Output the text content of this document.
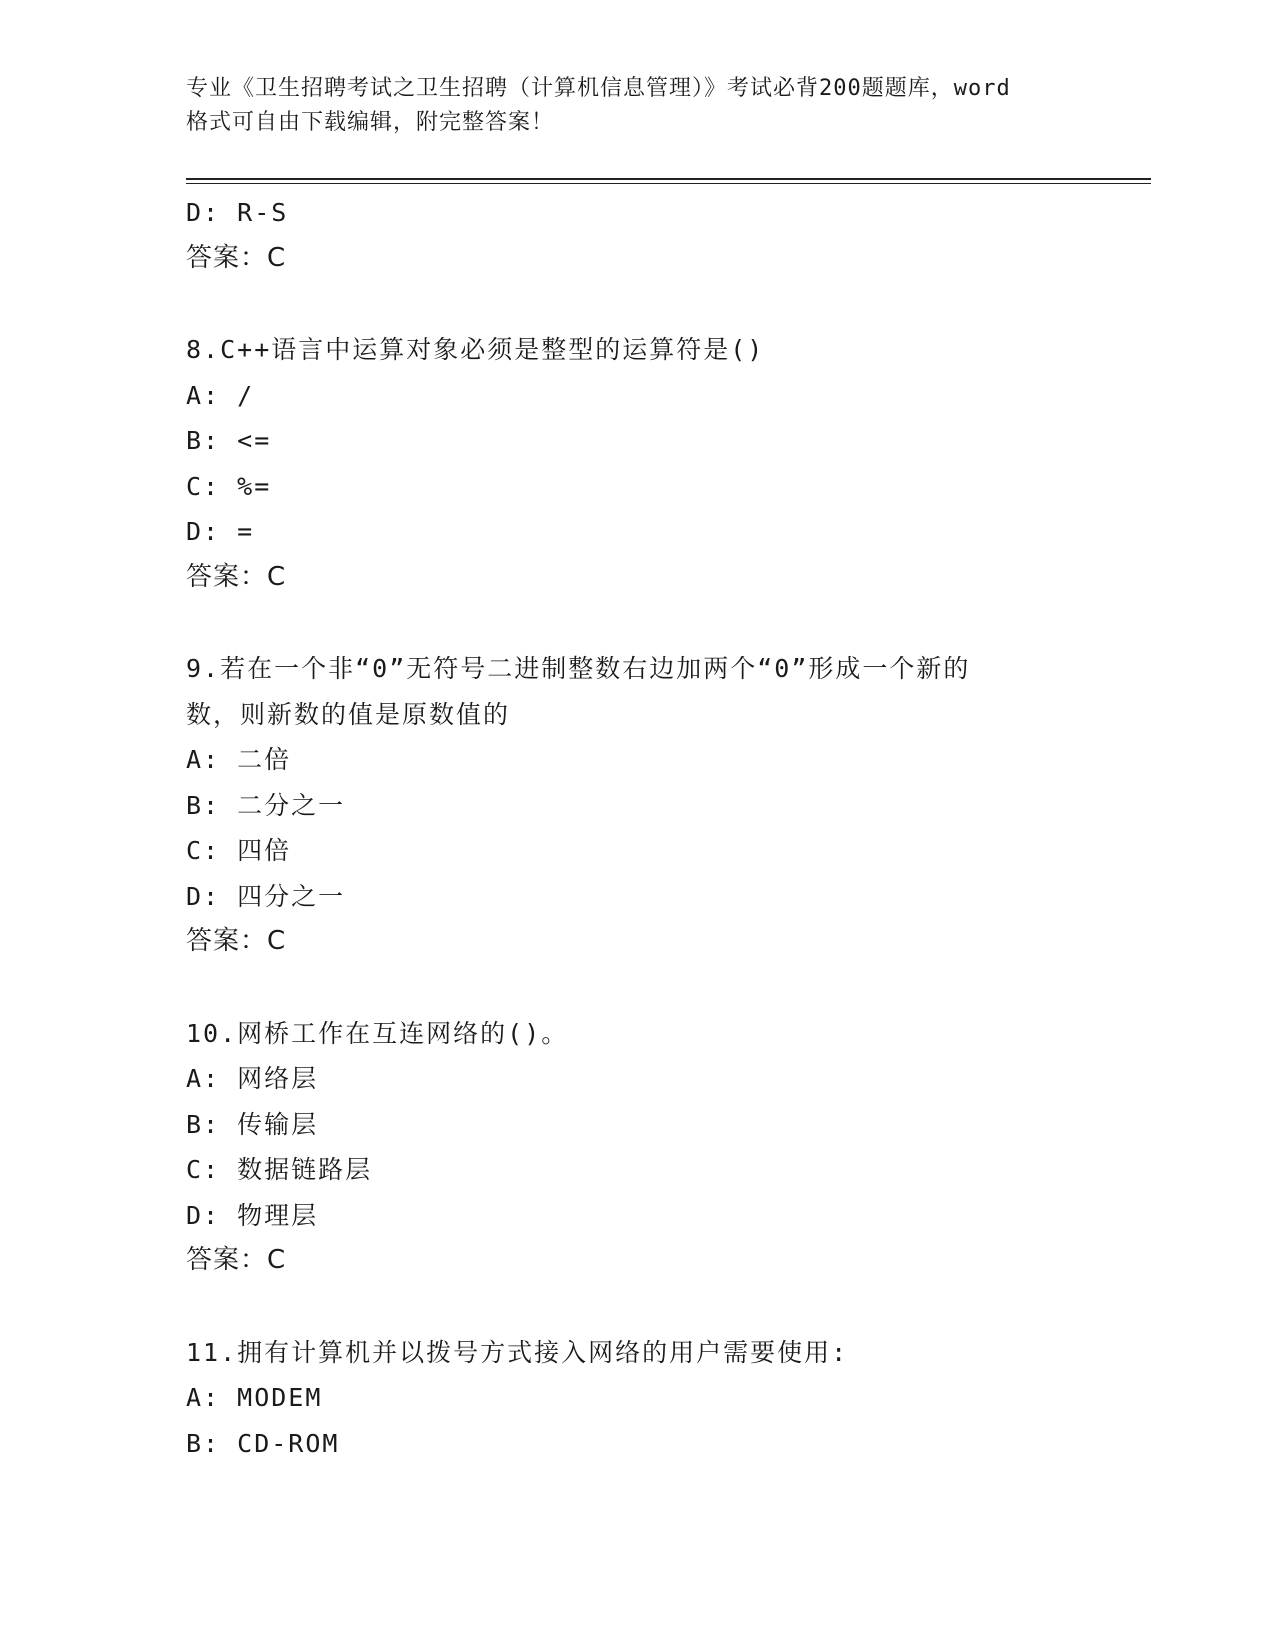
专业《卫生招聘考试之卫生招聘（计算机信息管理）》考试必背200题题库，word
格式可自由下载编辑，附完整答案！
D: R-S
答案：C
8.C++语言中运算对象必须是整型的运算符是()
A: /
B: <=
C: %=
D: =
答案：C
9.若在一个非“0”无符号二进制整数右边加两个“0”形成一个新的
数，则新数的值是原数值的
A: 二倍
B: 二分之一
C: 四倍
D: 四分之一
答案：C
10.网桥工作在互连网络的()。
A: 网络层
B: 传输层
C: 数据链路层
D: 物理层
答案：C
11.拥有计算机并以拨号方式接入网络的用户需要使用:
A: MODEM
B: CD-ROM
